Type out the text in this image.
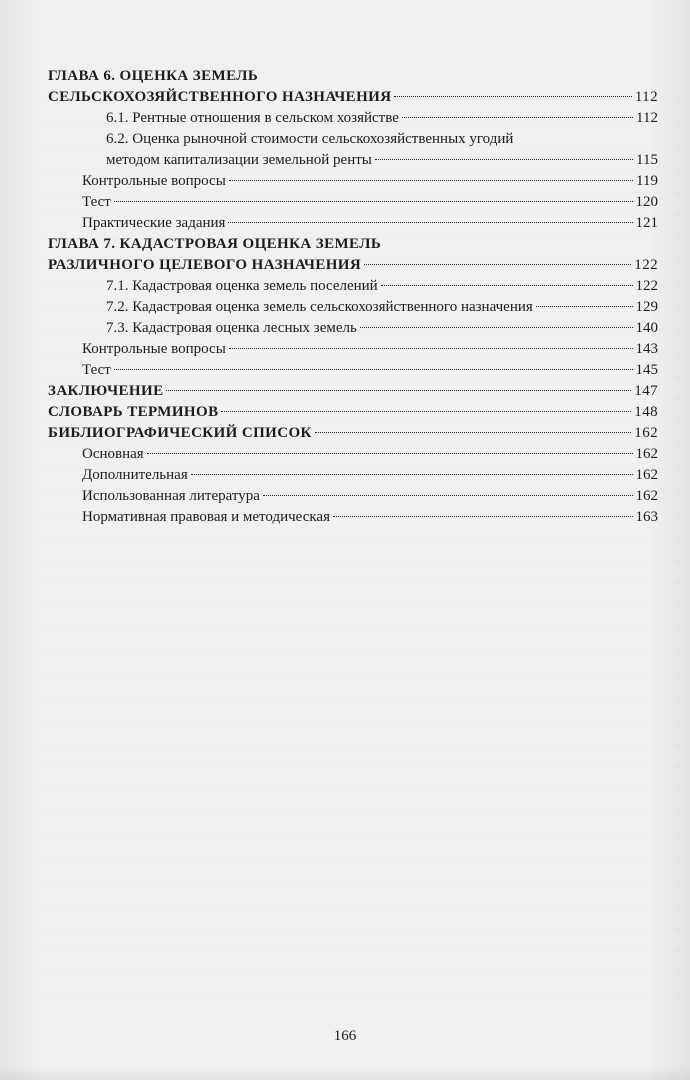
ГЛАВА 6. ОЦЕНКА ЗЕМЕЛЬ
СЕЛЬСКОХОЗЯЙСТВЕННОГО НАЗНАЧЕНИЯ	112
6.1. Рентные отношения в сельском хозяйстве	112
6.2. Оценка рыночной стоимости сельскохозяйственных угодий
методом капитализации земельной ренты	115
Контрольные вопросы	119
Тест	120
Практические задания	121
ГЛАВА 7. КАДАСТРОВАЯ ОЦЕНКА ЗЕМЕЛЬ
РАЗЛИЧНОГО ЦЕЛЕВОГО НАЗНАЧЕНИЯ	122
7.1. Кадастровая оценка земель поселений	122
7.2. Кадастровая оценка земель сельскохозяйственного назначения	129
7.3. Кадастровая оценка лесных земель	140
Контрольные вопросы	143
Тест	145
ЗАКЛЮЧЕНИЕ	147
СЛОВАРЬ ТЕРМИНОВ	148
БИБЛИОГРАФИЧЕСКИЙ СПИСОК	162
Основная	162
Дополнительная	162
Использованная литература	162
Нормативная правовая и методическая	163
166
